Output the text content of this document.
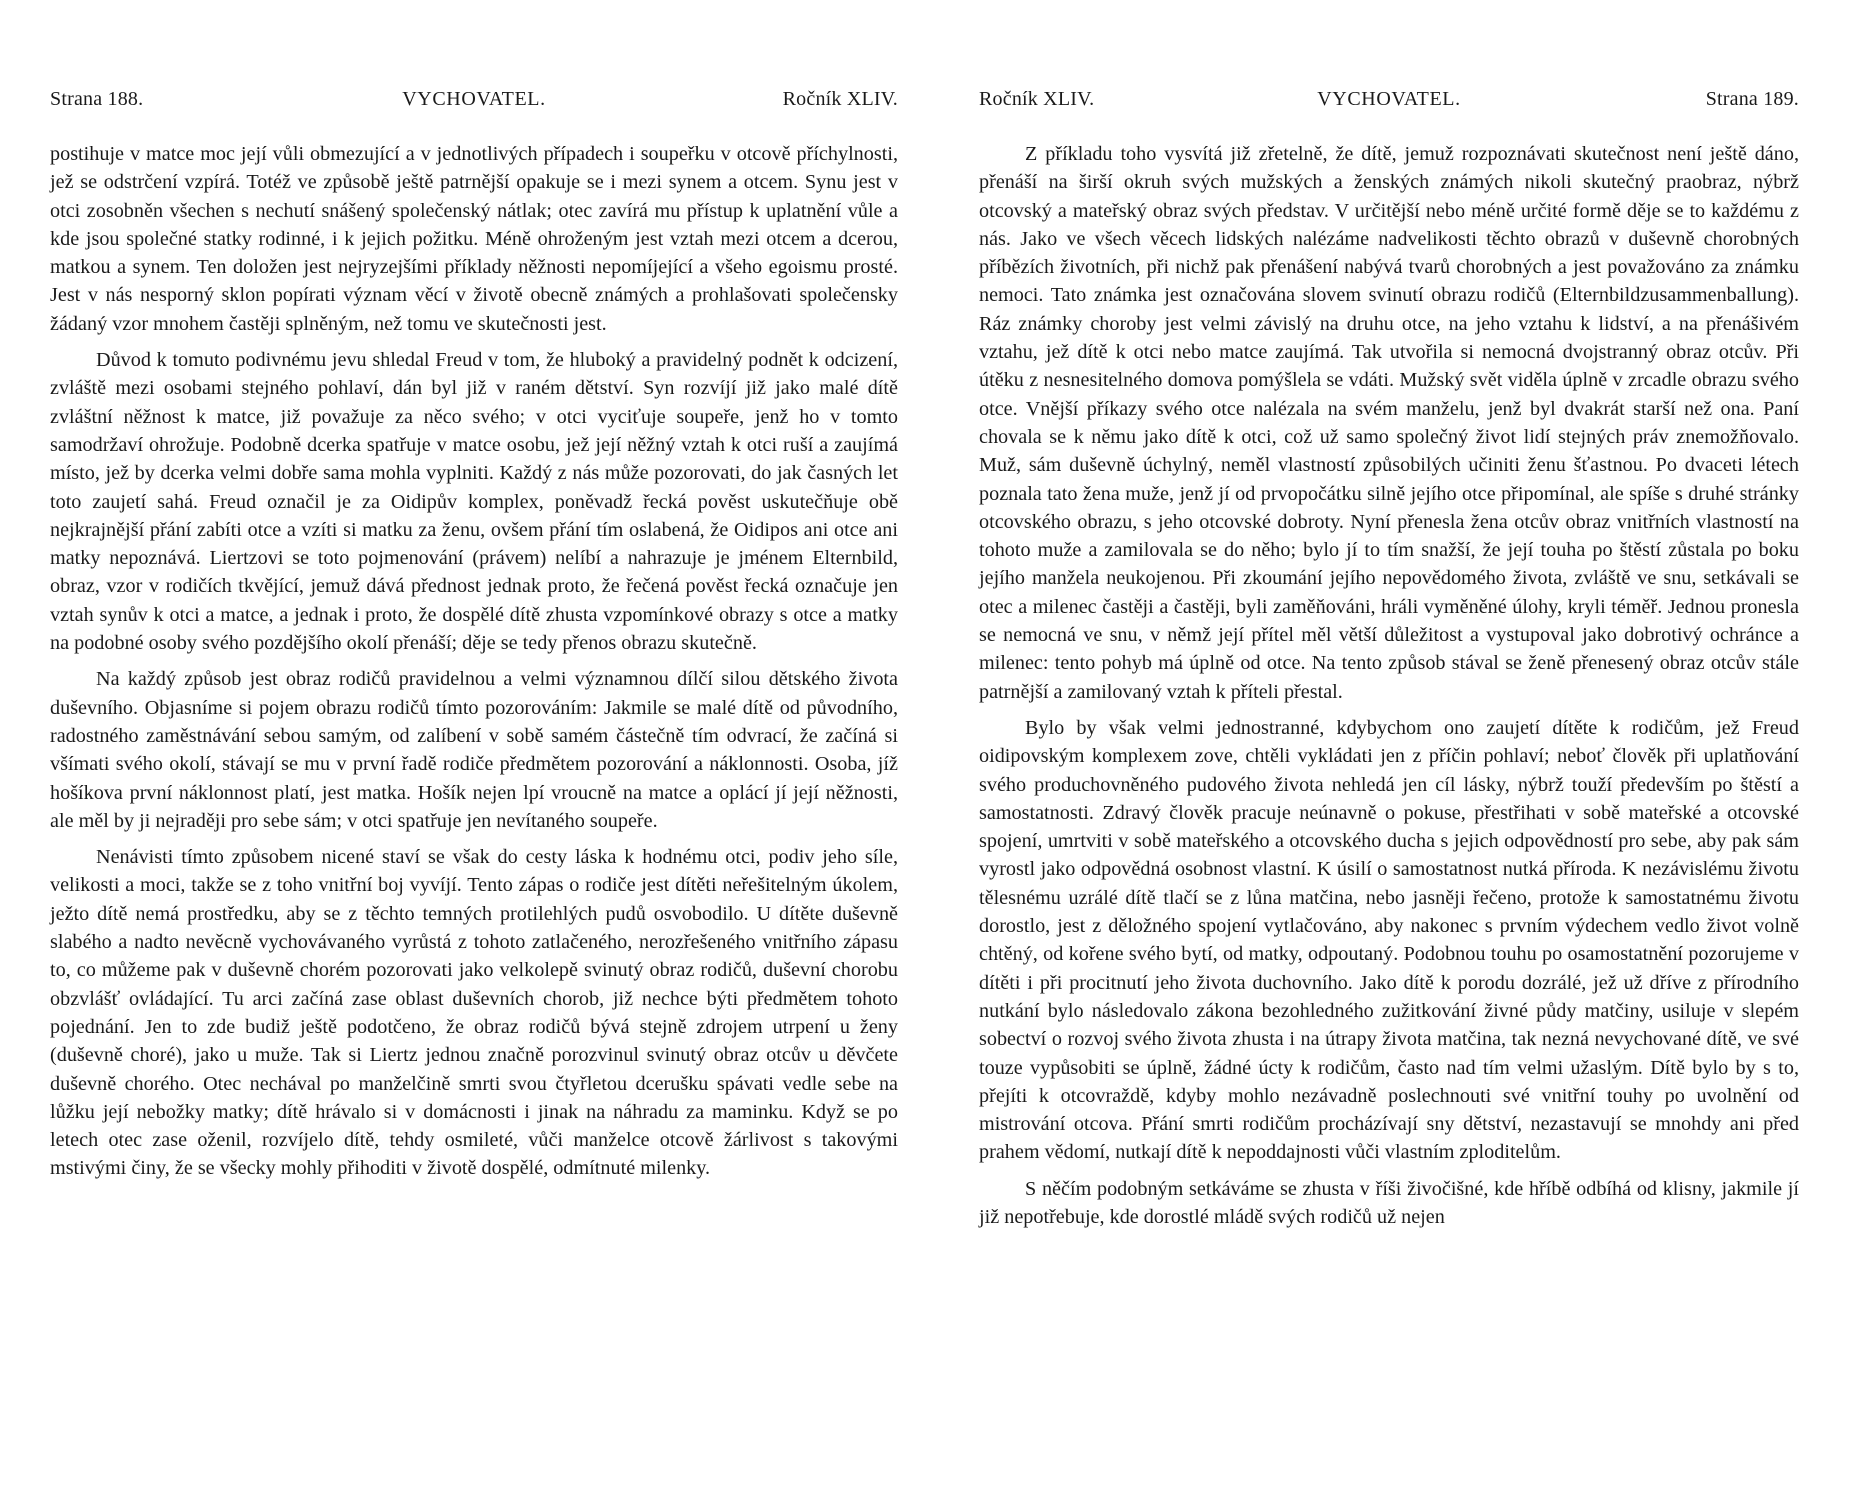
Strana 188.	VYCHOVATEL.	Ročník XLIV.

postihuje v matce moc její vůli obmezující a v jednotlivých případech i soupeřku v otcově příchylnosti, jež se odstrčení vzpírá. Totéž ve způsobě ještě patrnější opakuje se i mezi synem a otcem. Synu jest v otci zosobněn všechen s nechutí snášený společenský nátlak; otec zavírá mu přístup k uplatnění vůle a kde jsou společné statky rodinné, i k jejich požitku. Méně ohroženým jest vztah mezi otcem a dcerou, matkou a synem. Ten doložen jest nejryzejšími příklady něžnosti nepomíjející a všeho egoismu prosté. Jest v nás nesporný sklon popírati význam věcí v životě obecně známých a prohlašovati společensky žádaný vzor mnohem častěji splněným, než tomu ve skutečnosti jest.

Důvod k tomuto podivnému jevu shledal Freud v tom, že hluboký a pravidelný podnět k odcizení, zvláště mezi osobami stejného pohlaví, dán byl již v raném dětství. Syn rozvíjí již jako malé dítě zvláštní něžnost k matce, již považuje za něco svého; v otci vyciťuje soupeře, jenž ho v tomto samodržaví ohrožuje. Podobně dcerka spatřuje v matce osobu, jež její něžný vztah k otci ruší a zaujímá místo, jež by dcerka velmi dobře sama mohla vyplniti. Každý z nás může pozorovati, do jak časných let toto zaujetí sahá. Freud označil je za Oidipův komplex, poněvadž řecká pověst uskutečňuje obě nejkrajnější přání zabíti otce a vzíti si matku za ženu, ovšem přání tím oslabená, že Oidipos ani otce ani matky nepoznává. Liertzovi se toto pojmenování (právem) nelíbí a nahrazuje je jménem Elternbild, obraz, vzor v rodičích tkvějící, jemuž dává přednost jednak proto, že řečená pověst řecká označuje jen vztah synův k otci a matce, a jednak i proto, že dospělé dítě zhusta vzpomínkové obrazy s otce a matky na podobné osoby svého pozdějšího okolí přenáší; děje se tedy přenos obrazu skutečně.

Na každý způsob jest obraz rodičů pravidelnou a velmi významnou dílčí silou dětského života duševního. Objasníme si pojem obrazu rodičů tímto pozorováním: Jakmile se malé dítě od původního, radostného zaměstnávání sebou samým, od zalíbení v sobě samém částečně tím odvrací, že začíná si všímati svého okolí, stávají se mu v první řadě rodiče předmětem pozorování a náklonnosti. Osoba, jíž hošíkova první náklonnost platí, jest matka. Hošík nejen lpí vroucně na matce a oplácí jí její něžnosti, ale měl by ji nejraději pro sebe sám; v otci spatřuje jen nevítaného soupeře.

Nenávisti tímto způsobem nicené staví se však do cesty láska k hodnému otci, podiv jeho síle, velikosti a moci, takže se z toho vnitřní boj vyvíjí. Tento zápas o rodiče jest dítěti neřešitelným úkolem, ježto dítě nemá prostředku, aby se z těchto temných protilehlých pudů osvobodilo. U dítěte duševně slabého a nadto nevěcně vychovávaného vyrůstá z tohoto zatlačeného, nerozřešeného vnitřního zápasu to, co můžeme pak v duševně chorém pozorovati jako velkolepě svinutý obraz rodičů, duševní chorobu obzvlášť ovládající. Tu arci začíná zase oblast duševních chorob, již nechce býti předmětem tohoto pojednání. Jen to zde budiž ještě podotčeno, že obraz rodičů bývá stejně zdrojem utrpení u ženy (duševně choré), jako u muže. Tak si Liertz jednou značně porozvinul svinutý obraz otcův u děvčete duševně chorého. Otec nechával po manželčině smrti svou čtyřletou dcerušku spávati vedle sebe na lůžku její nebožky matky; dítě hrávalo si v domácnosti i jinak na náhradu za maminku. Když se po letech otec zase oženil, rozvíjelo dítě, tehdy osmileté, vůči manželce otcově žárlivost s takovými mstivými činy, že se všecky mohly přihoditi v životě dospělé, odmítnuté milenky.

Ročník XLIV.	VYCHOVATEL.	Strana 189.

Z příkladu toho vysvítá již zřetelně, že dítě, jemuž rozpoznávati skutečnost není ještě dáno, přenáší na širší okruh svých mužských a ženských známých nikoli skutečný praobraz, nýbrž otcovský a mateřský obraz svých představ. V určitější nebo méně určité formě děje se to každému z nás. Jako ve všech věcech lidských nalézáme nadvelikosti těchto obrazů v duševně chorobných příbězích životních, při nichž pak přenášení nabývá tvarů chorobných a jest považováno za známku nemoci. Tato známka jest označována slovem svinutí obrazu rodičů (Elternbildzusammenballung). Ráz známky choroby jest velmi závislý na druhu otce, na jeho vztahu k lidství, a na přenášivém vztahu, jež dítě k otci nebo matce zaujímá. Tak utvořila si nemocná dvojstranný obraz otcův. Při útěku z nesnesitelného domova pomýšlela se vdáti. Mužský svět viděla úplně v zrcadle obrazu svého otce. Vnější příkazy svého otce nalézala na svém manželu, jenž byl dvakrát starší než ona. Paní chovala se k němu jako dítě k otci, což už samo společný život lidí stejných práv znemožňovalo. Muž, sám duševně úchylný, neměl vlastností způsobilých učiniti ženu šťastnou. Po dvaceti létech poznala tato žena muže, jenž jí od prvopočátku silně jejího otce připomínal, ale spíše s druhé stránky otcovského obrazu, s jeho otcovské dobroty. Nyní přenesla žena otcův obraz vnitřních vlastností na tohoto muže a zamilovala se do něho; bylo jí to tím snažší, že její touha po štěstí zůstala po boku jejího manžela neukojenou. Při zkoumání jejího nepovědomého života, zvláště ve snu, setkávali se otec a milenec častěji a častěji, byli zaměňováni, hráli vyměněné úlohy, kryli téměř. Jednou pronesla se nemocná ve snu, v němž její přítel měl větší důležitost a vystupoval jako dobrotivý ochránce a milenec: tento pohyb má úplně od otce. Na tento způsob stával se ženě přenesený obraz otcův stále patrnější a zamilovaný vztah k příteli přestal.

Bylo by však velmi jednostranné, kdybychom ono zaujetí dítěte k rodičům, jež Freud oidipovským komplexem zove, chtěli vykládati jen z příčin pohlaví; neboť člověk při uplatňování svého produchovněného pudového života nehledá jen cíl lásky, nýbrž touží především po štěstí a samostatnosti. Zdravý člověk pracuje neúnavně o pokuse, přestřihati v sobě mateřské a otcovské spojení, umrtviti v sobě mateřského a otcovského ducha s jejich odpovědností pro sebe, aby pak sám vyrostl jako odpovědná osobnost vlastní. K úsilí o samostatnost nutká příroda. K nezávislému životu tělesnému uzrálé dítě tlačí se z lůna matčina, nebo jasněji řečeno, protože k samostatnému životu dorostlo, jest z děložného spojení vytlačováno, aby nakonec s prvním výdechem vedlo život volně chtěný, od kořene svého bytí, od matky, odpoutaný. Podobnou touhu po osamostatnění pozorujeme v dítěti i při procitnutí jeho života duchovního. Jako dítě k porodu dozrálé, jež už dříve z přírodního nutkání bylo následovalo zákona bezohledného zužitkování živné půdy matčiny, usiluje v slepém sobectví o rozvoj svého života zhusta i na útrapy života matčina, tak nezná nevychované dítě, ve své touze vypůsobiti se úplně, žádné úcty k rodičům, často nad tím velmi užaslým. Dítě bylo by s to, přejíti k otcovraždě, kdyby mohlo nezávadně poslechnouti své vnitřní touhy po uvolnění od mistrování otcova. Přání smrti rodičům procházívají sny dětství, nezastavují se mnohdy ani před prahem vědomí, nutkají dítě k nepoddajnosti vůči vlastním zploditelům.

S něčím podobným setkáváme se zhusta v říši živočišné, kde hříbě odbíhá od klisny, jakmile jí již nepotřebuje, kde dorostlé mládě svých rodičů už nejen
